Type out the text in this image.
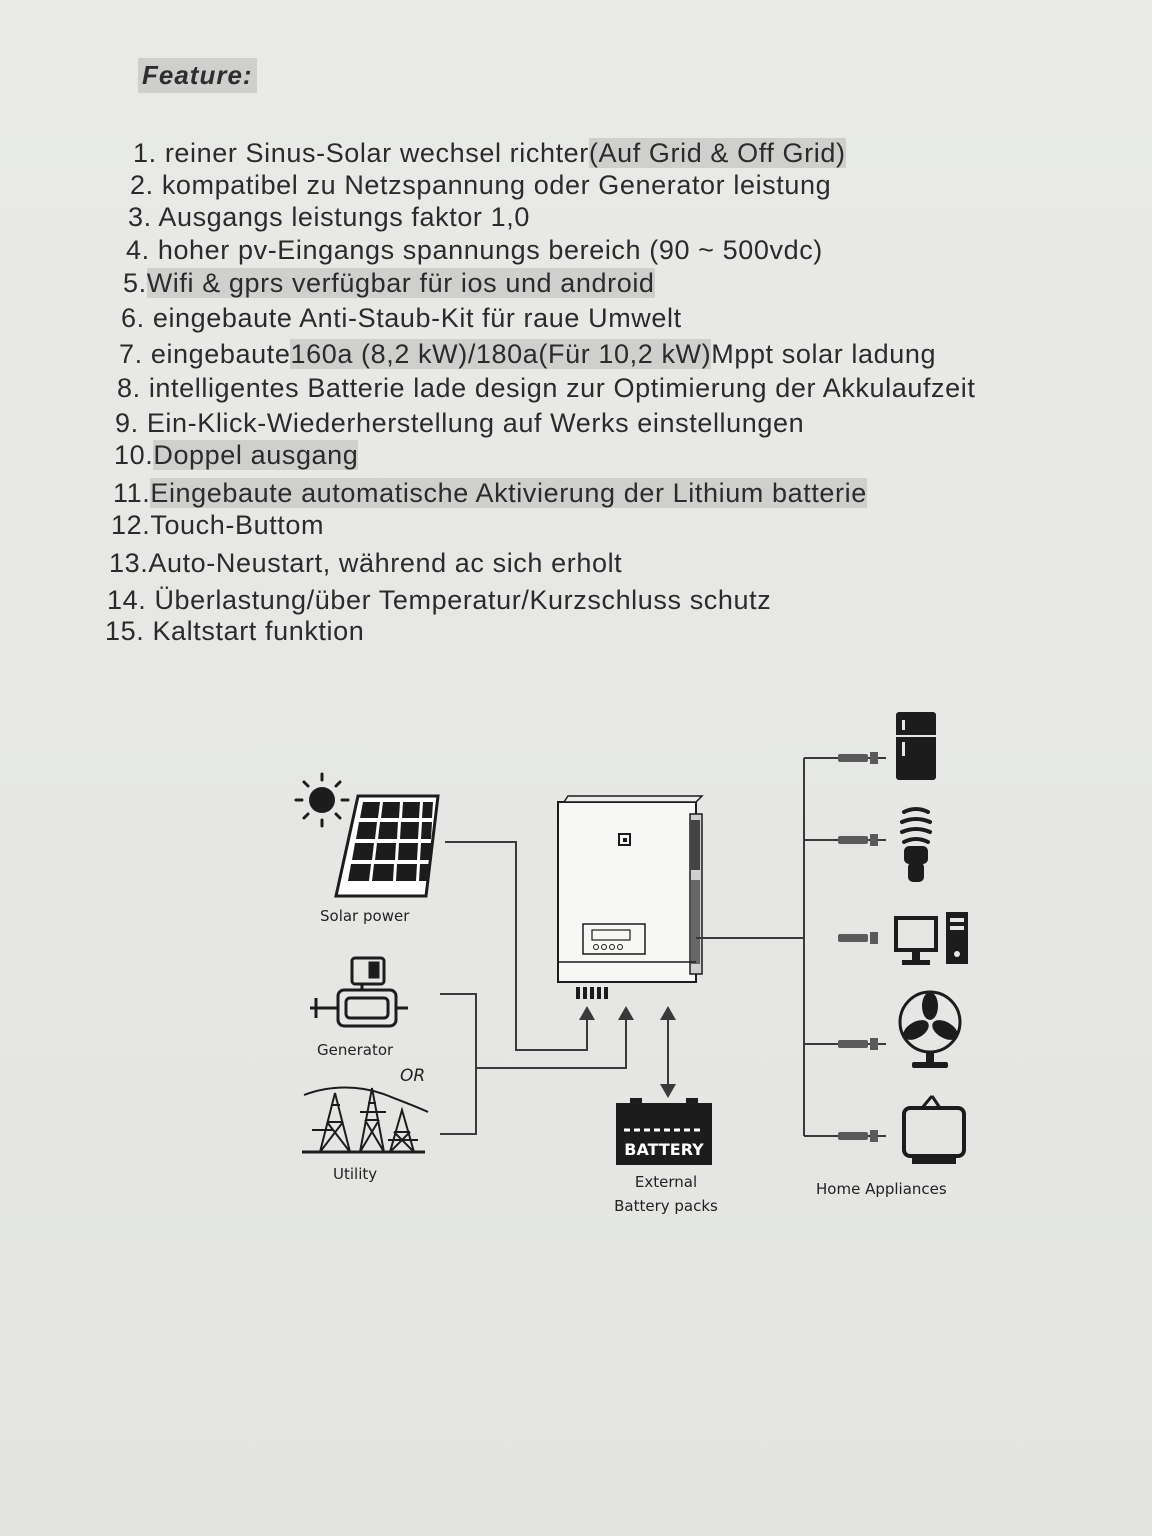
Feature:
1. reiner Sinus-Solar wechsel richter(Auf Grid & Off Grid)
2. kompatibel zu Netzspannung oder Generator leistung
3. Ausgangs leistungs faktor 1,0
4. hoher pv-Eingangs spannungs bereich (90 ~ 500vdc)
5.Wifi & gprs verfügbar für ios und android
6. eingebaute Anti-Staub-Kit für raue Umwelt
7. eingebaute160a (8,2 kW)/180a(Für 10,2 kW)Mppt solar ladung
8. intelligentes Batterie lade design zur Optimierung der Akkulaufzeit
9. Ein-Klick-Wiederherstellung auf Werks einstellungen
10.Doppel ausgang
11.Eingebaute automatische Aktivierung der Lithium batterie
12.Touch-Buttom
13.Auto-Neustart, während ac sich erholt
14. Überlastung/über Temperatur/Kurzschluss schutz
15. Kaltstart funktion
Solar power
Generator
OR
Utility
BATTERY
External
Battery packs
Home Appliances
